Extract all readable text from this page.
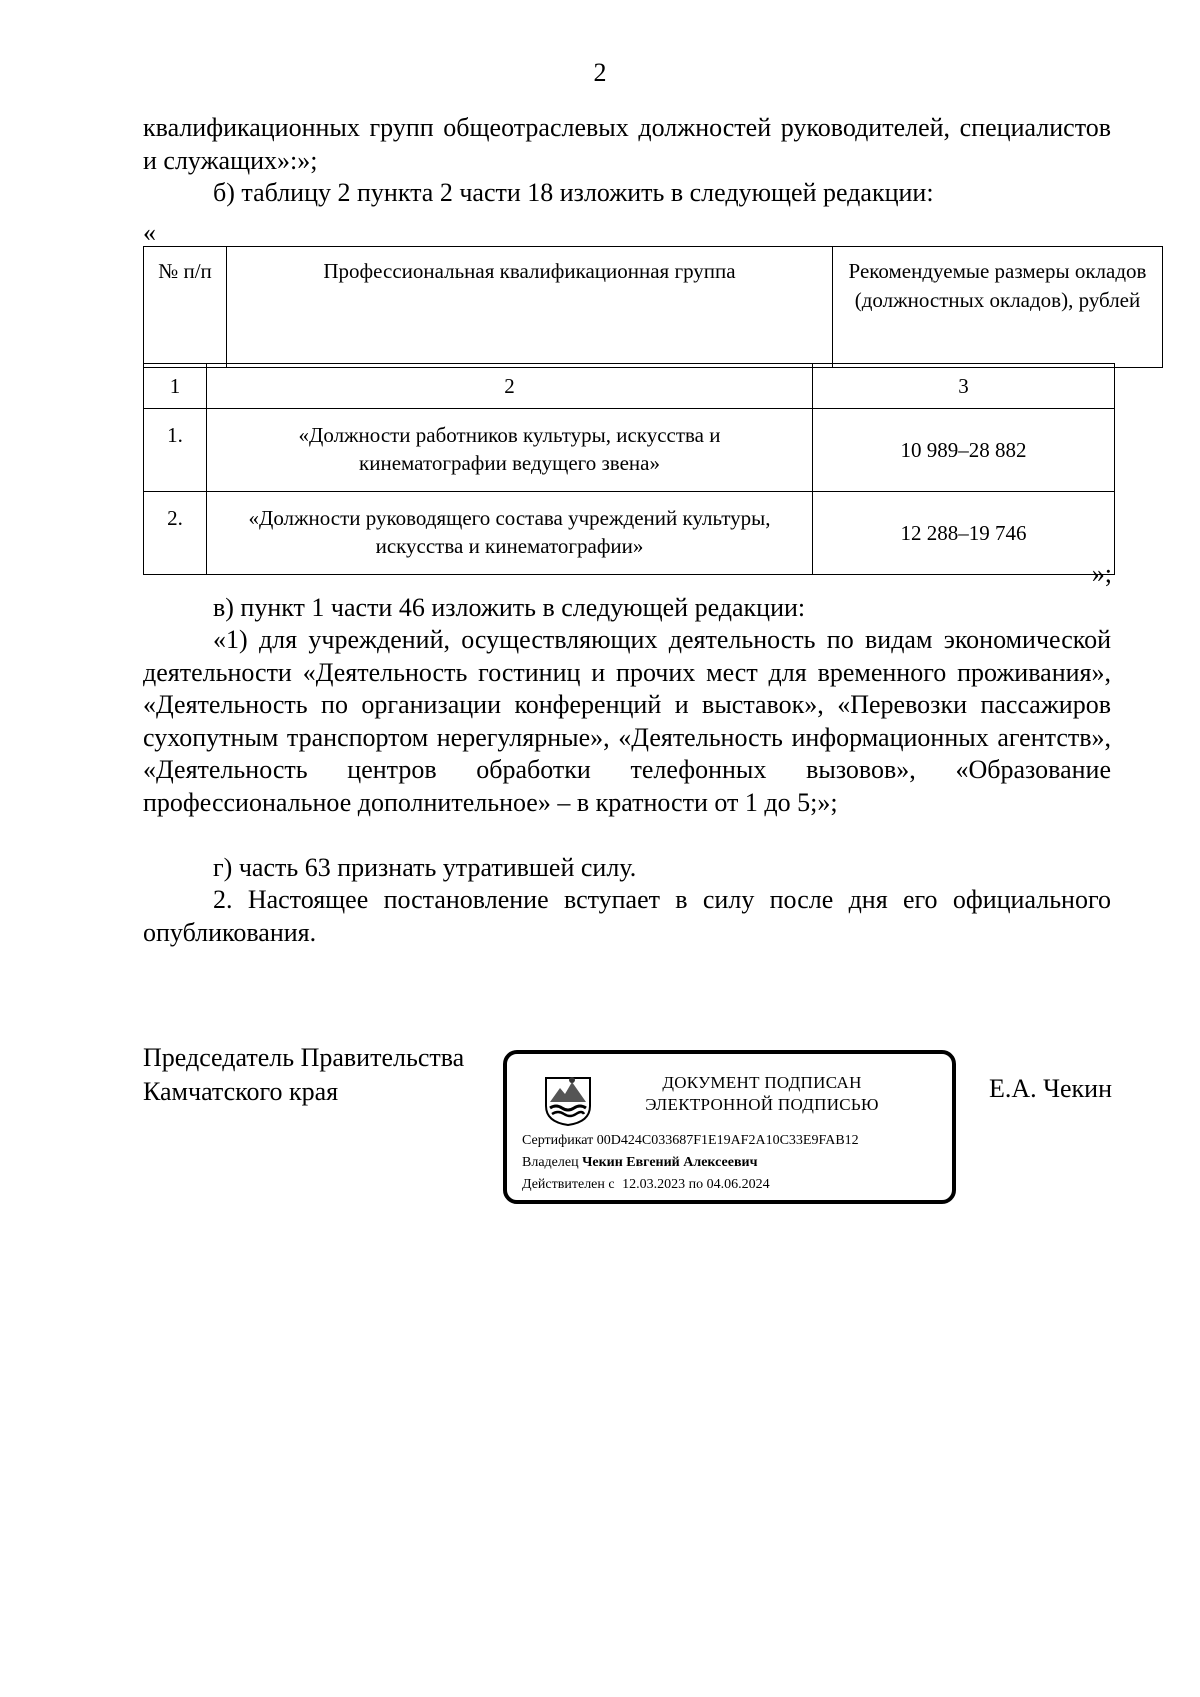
2
квалификационных групп общеотраслевых должностей руководителей, специалистов и служащих»:»;
б) таблицу 2 пункта 2 части 18 изложить в следующей редакции:
«
№ п/п	Профессиональная квалификационная группа	Рекомендуемые размеры окладов (должностных окладов), рублей
1	2	3
1.	«Должности работников культуры, искусства и кинематографии ведущего звена»	10 989–28 882
2.	«Должности руководящего состава учреждений культуры, искусства и кинематографии»	12 288–19 746
»;
в) пункт 1 части 46 изложить в следующей редакции:
«1) для учреждений, осуществляющих деятельность по видам экономической деятельности «Деятельность гостиниц и прочих мест для временного проживания», «Деятельность по организации конференций и выставок», «Перевозки пассажиров сухопутным транспортом нерегулярные», «Деятельность информационных агентств», «Деятельность центров обработки телефонных вызовов», «Образование профессиональное дополнительное» – в кратности от 1 до 5;»;
г) часть 63 признать утратившей силу.
2. Настоящее постановление вступает в силу после дня его официального опубликования.
Председатель Правительства
Камчатского края	ДОКУМЕНТ ПОДПИСАН
ЭЛЕКТРОННОЙ ПОДПИСЬЮ
Сертификат 00D424C033687F1E19AF2A10C33E9FAB12
Владелец Чекин Евгений Алексеевич
Действителен с 12.03.2023 по 04.06.2024
Е.А. Чекин
